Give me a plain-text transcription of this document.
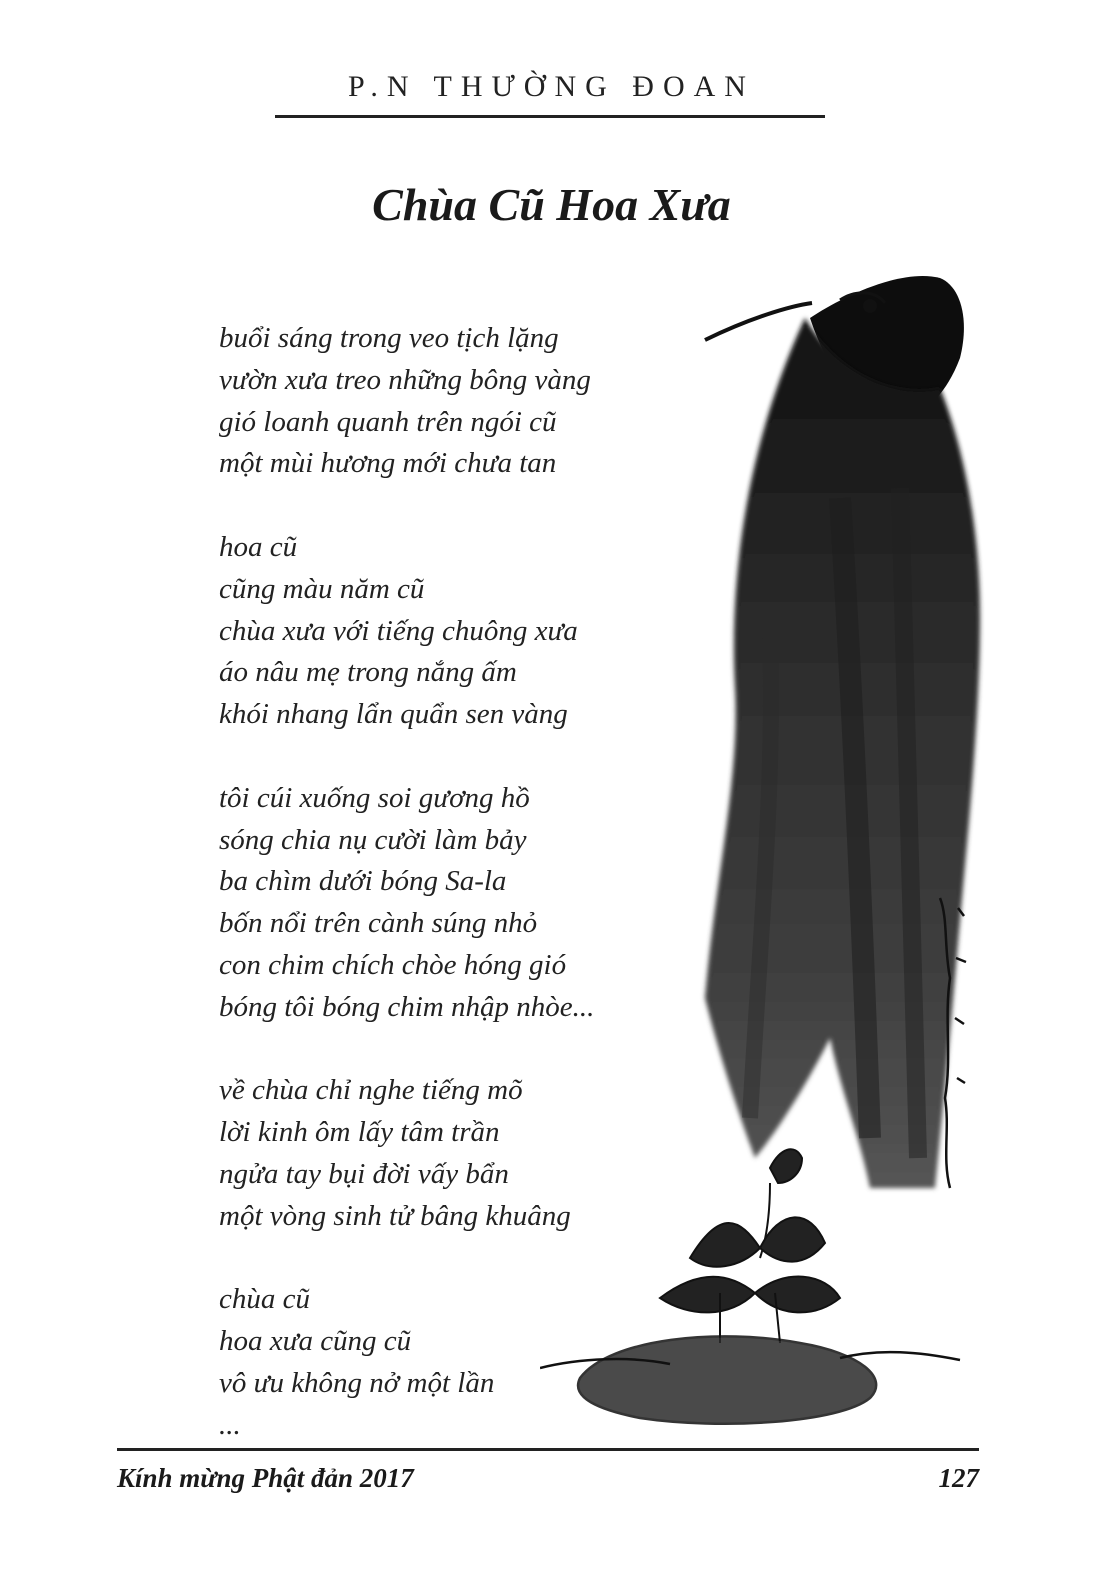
P.N THƯỜNG ĐOAN
Chùa Cũ Hoa Xưa
buổi sáng trong veo tịch lặng
vườn xưa treo những bông vàng
gió loanh quanh trên ngói cũ
một mùi hương mới chưa tan
hoa cũ
cũng màu năm cũ
chùa xưa với tiếng chuông xưa
áo nâu mẹ trong nắng ấm
khói nhang lẩn quẩn sen vàng
tôi cúi xuống soi gương hồ
sóng chia nụ cười làm bảy
ba chìm dưới bóng Sa-la
bốn nổi trên cành súng nhỏ
con chim chích chòe hóng gió
bóng tôi bóng chim nhập nhòe...
về chùa chỉ nghe tiếng mõ
lời kinh ôm lấy tâm trần
ngửa tay bụi đời vấy bẩn
một vòng sinh tử bâng khuâng
chùa cũ
hoa xưa cũng cũ
vô ưu không nở một lần
...
Kính mừng Phật đản 2017	127
